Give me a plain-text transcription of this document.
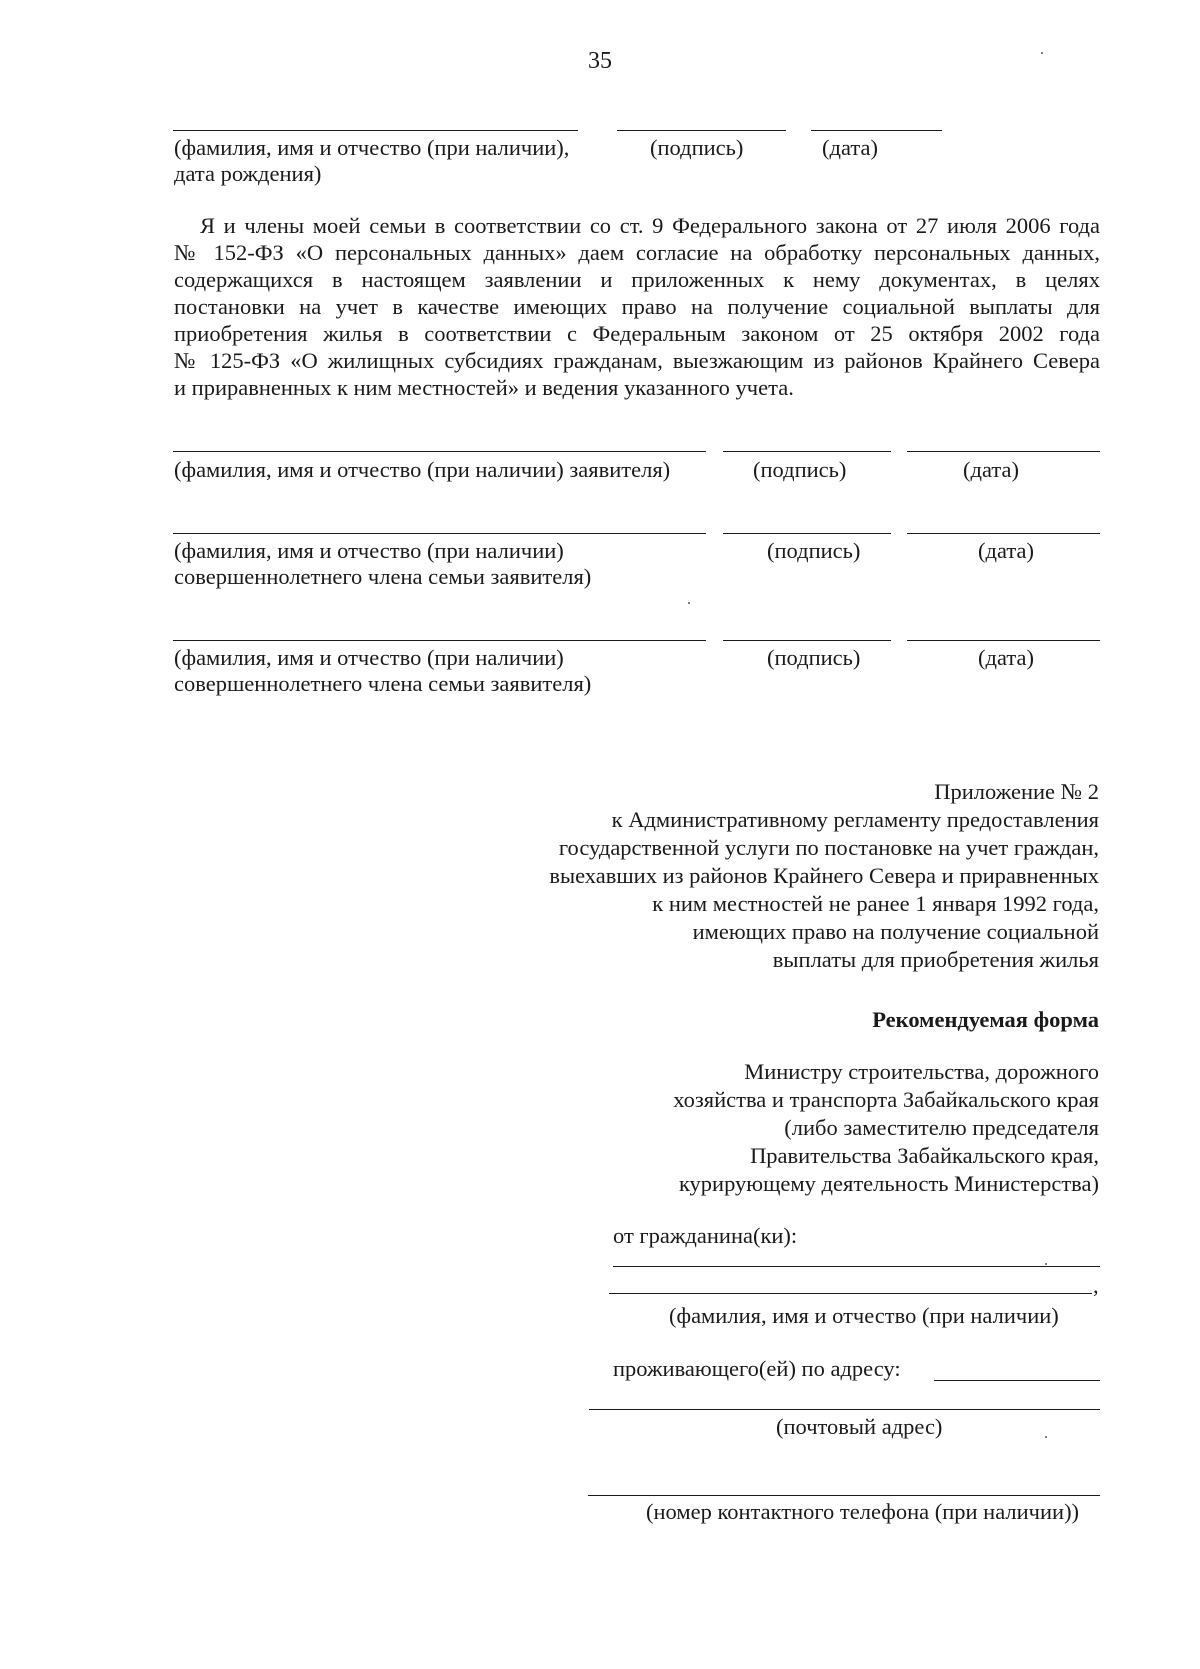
35
(фамилия, имя и отчество (при наличии),
дата рождения)
(подпись)	(дата)
Я и члены моей семьи в соответствии со ст. 9 Федерального закона от 27 июля 2006 года
№ 152-ФЗ «О персональных данных» даем согласие на обработку персональных данных,
содержащихся в настоящем заявлении и приложенных к нему документах, в целях
постановки на учет в качестве имеющих право на получение социальной выплаты для
приобретения жилья в соответствии с Федеральным законом от 25 октября 2002 года
№ 125-ФЗ «О жилищных субсидиях гражданам, выезжающим из районов Крайнего Севера
и приравненных к ним местностей» и ведения указанного учета.
(фамилия, имя и отчество (при наличии) заявителя)	(подпись)	(дата)
(фамилия, имя и отчество (при наличии)
совершеннолетнего члена семьи заявителя)
(подпись)	(дата)
(фамилия, имя и отчество (при наличии)
совершеннолетнего члена семьи заявителя)
(подпись)	(дата)
Приложение № 2
к Административному регламенту предоставления
государственной услуги по постановке на учет граждан,
выехавших из районов Крайнего Севера и приравненных
к ним местностей не ранее 1 января 1992 года,
имеющих право на получение социальной
выплаты для приобретения жилья
Рекомендуемая форма
Министру строительства, дорожного
хозяйства и транспорта Забайкальского края
(либо заместителю председателя
Правительства Забайкальского края,
курирующему деятельность Министерства)
от гражданина(ки):
,
(фамилия, имя и отчество (при наличии)
проживающего(ей) по адресу:
(почтовый адрес)
(номер контактного телефона (при наличии))
